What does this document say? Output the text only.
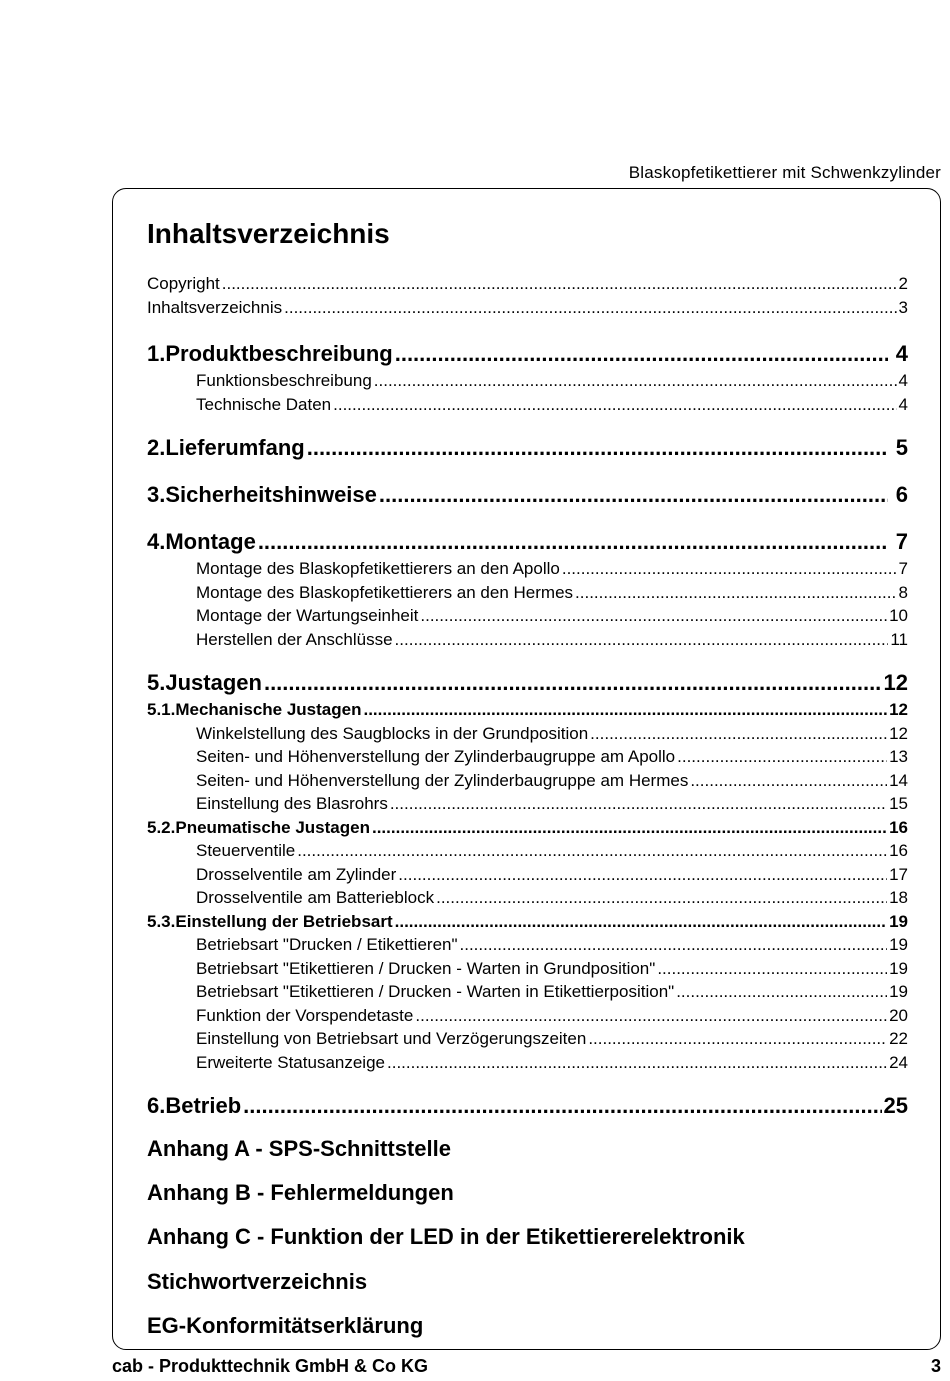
Blaskopfetikettierer mit Schwenkzylinder
Inhaltsverzeichnis
Copyright .....	2
Inhaltsverzeichnis .....	3
1. Produktbeschreibung .....	4
Funktionsbeschreibung .....	4
Technische Daten .....	4
2. Lieferumfang .....	5
3. Sicherheitshinweise .....	6
4. Montage .....	7
Montage des Blaskopfetikettierers an den Apollo .....	7
Montage des Blaskopfetikettierers an den Hermes .....	8
Montage der Wartungseinheit .....	10
Herstellen der Anschlüsse .....	11
5. Justagen .....	12
5.1. Mechanische Justagen .....	12
Winkelstellung des Saugblocks in der Grundposition .....	12
Seiten- und Höhenverstellung der Zylinderbaugruppe am Apollo .....	13
Seiten- und Höhenverstellung der Zylinderbaugruppe am Hermes .....	14
Einstellung des Blasrohrs .....	15
5.2. Pneumatische Justagen .....	16
Steuerventile .....	16
Drosselventile am Zylinder .....	17
Drosselventile am Batterieblock .....	18
5.3. Einstellung der Betriebsart .....	19
Betriebsart "Drucken / Etikettieren" .....	19
Betriebsart "Etikettieren / Drucken - Warten in Grundposition" .....	19
Betriebsart "Etikettieren / Drucken - Warten in Etikettierposition" .....	19
Funktion der Vorspendetaste .....	20
Einstellung von Betriebsart und Verzögerungszeiten .....	22
Erweiterte Statusanzeige .....	24
6. Betrieb .....	25
Anhang A - SPS-Schnittstelle
Anhang B - Fehlermeldungen
Anhang C - Funktion der LED in der Etikettiererelektronik
Stichwortverzeichnis
EG-Konformitätserklärung
cab - Produkttechnik GmbH & Co KG	3
